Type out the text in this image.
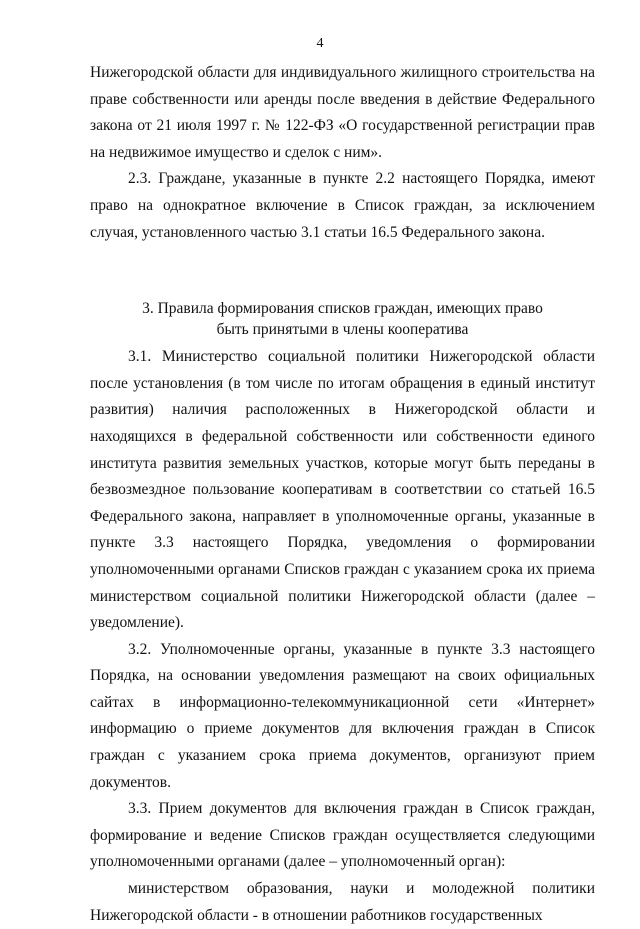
4

Нижегородской области для индивидуального жилищного строительства на праве собственности или аренды после введения в действие Федерального закона от 21 июля 1997 г. № 122-ФЗ «О государственной регистрации прав на недвижимое имущество и сделок с ним».

2.3. Граждане, указанные в пункте 2.2 настоящего Порядка, имеют право на однократное включение в Список граждан, за исключением случая, установленного частью 3.1 статьи 16.5 Федерального закона.

3. Правила формирования списков граждан, имеющих право быть принятыми в члены кооператива

3.1. Министерство социальной политики Нижегородской области после установления (в том числе по итогам обращения в единый институт развития) наличия расположенных в Нижегородской области и находящихся в федеральной собственности или собственности единого института развития земельных участков, которые могут быть переданы в безвозмездное пользование кооперативам в соответствии со статьей 16.5 Федерального закона, направляет в уполномоченные органы, указанные в пункте 3.3 настоящего Порядка, уведомления о формировании уполномоченными органами Списков граждан с указанием срока их приема министерством социальной политики Нижегородской области (далее – уведомление).

3.2. Уполномоченные органы, указанные в пункте 3.3 настоящего Порядка, на основании уведомления размещают на своих официальных сайтах в информационно-телекоммуникационной сети «Интернет» информацию о приеме документов для включения граждан в Список граждан с указанием срока приема документов, организуют прием документов.

3.3. Прием документов для включения граждан в Список граждан, формирование и ведение Списков граждан осуществляется следующими уполномоченными органами (далее – уполномоченный орган):

министерством образования, науки и молодежной политики Нижегородской области - в отношении работников государственных
